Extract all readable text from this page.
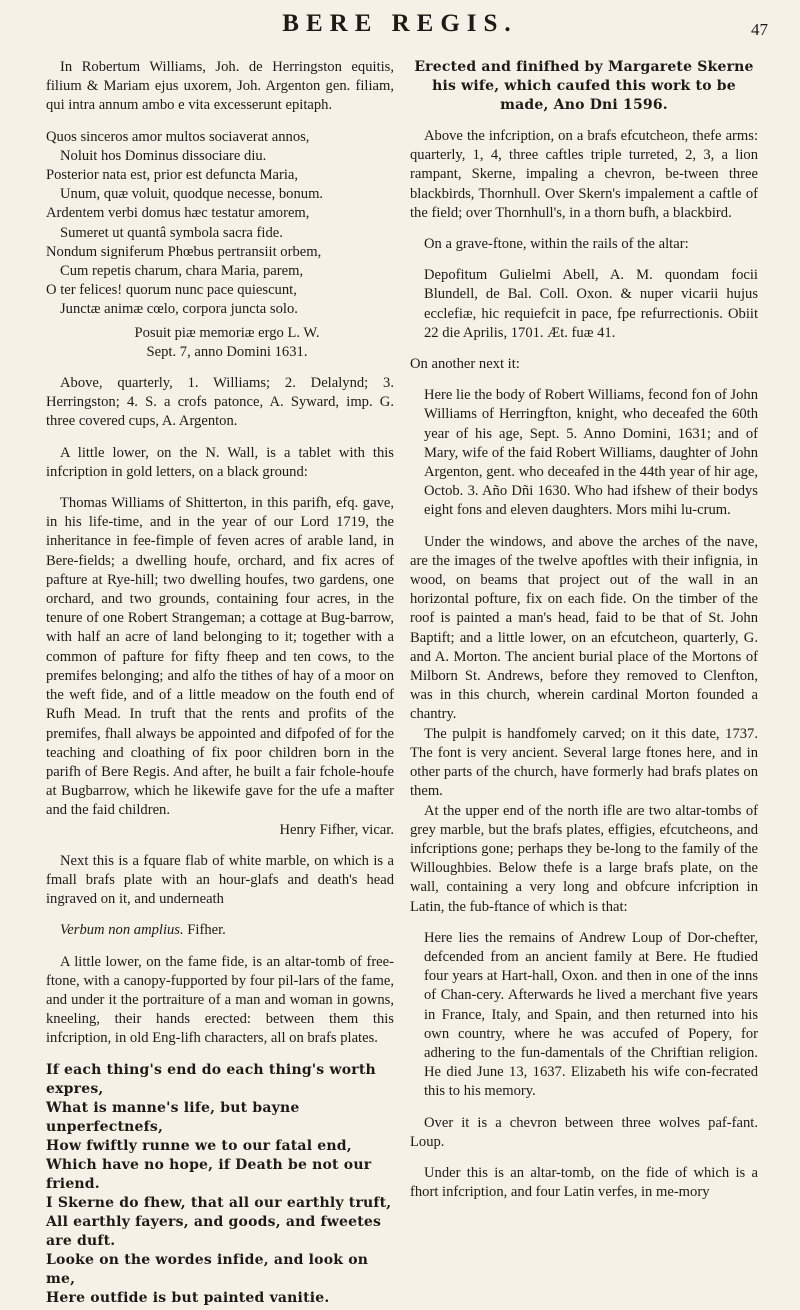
BERE REGIS.	47

In Robertum Williams, Joh. de Herringston equitis, filium & Mariam ejus uxorem, Joh. Argenton gen. filiam, qui intra annum ambo e vita excesserunt epitaph.

Quos sinceros amor multos sociaverat annos,
Noluit hos Dominus dissociare diu.
Posterior nata est, prior est defuncta Maria,
Unum, quæ voluit, quodque necesse, bonum.
Ardentem verbi domus hæc testatur amorem,
Sumeret ut quantâ symbola sacra fide.
Nondum signiferum Phœbus pertransiit orbem,
Cum repetis charum, chara Maria, parem,
O ter felices! quorum nunc pace quiescunt,
Junctæ animæ cœlo, corpora juncta solo.
Posuit piæ memoriæ ergo L. W.
Sept. 7, anno Domini 1631.

Above, quarterly, 1. Williams; 2. Delalynd; 3. Herringston; 4. S. a crofs patonce, A. Syward, imp. G. three covered cups, A. Argenton.

A little lower, on the N. Wall, is a tablet with this infcription in gold letters, on a black ground:

Thomas Williams of Shitterton, in this parifh, efq. gave, in his life-time, and in the year of our Lord 1719, the inheritance in fee-fimple of feven acres of arable land, in Bere-fields; a dwelling houfe, orchard, and fix acres of pafture at Rye-hill; two dwelling houfes, two gardens, one orchard, and two grounds, containing four acres, in the tenure of one Robert Strangeman; a cottage at Bug-barrow, with half an acre of land belonging to it; together with a common of pafture for fifty fheep and ten cows, to the premifes belonging; and alfo the tithes of hay of a moor on the weft fide, and of a little meadow on the fouth end of Rufh Mead. In truft that the rents and profits of the premifes, fhall always be appointed and difpofed of for the teaching and cloathing of fix poor children born in the parifh of Bere Regis. And after, he built a fair fchole-houfe at Bugbarrow, which he likewife gave for the ufe a mafter and the faid children.

Henry Fifher, vicar.

Next this is a fquare flab of white marble, on which is a fmall brafs plate with an hour-glafs and death's head ingraved on it, and underneath

Verbum non amplius. Fifher.

A little lower, on the fame fide, is an altar-tomb of free-ftone, with a canopy-fupported by four pil-lars of the fame, and under it the portraiture of a man and woman in gowns, kneeling, their hands erected: between them this infcription, in old Eng-lifh characters, all on brafs plates.

If each thing's end do each thing's worth expres,
What is manne's life, but bayne unperfectnefs,
How fwiftly runne we to our fatal end,
Which have no hope, if Death be not our friend.
I Skerne do fhew, that all our earthly truft,
All earthly fayers, and goods, and fweetes are duft.
Looke on the wordes infide, and look on me,
Here outfide is but painted vanitie.

Erected and finifhed by Margarete Skerne his wife, which caufed this work to be made, Ano Dni 1596.

Above the infcription, on a brafs efcutcheon, thefe arms: quarterly, 1, 4, three caftles triple turreted, 2, 3, a lion rampant, Skerne, impaling a chevron, be-tween three blackbirds, Thornhull. Over Skern's impalement a caftle of the field; over Thornhull's, in a thorn bufh, a blackbird.

On a grave-ftone, within the rails of the altar:

Depofitum Gulielmi Abell, A. M. quondam focii Blundell, de Bal. Coll. Oxon. & nuper vicarii hujus ecclefiæ, hic requiefcit in pace, fpe refurrectionis. Obiit 22 die Aprilis, 1701. Æt. fuæ 41.

On another next it:

Here lie the body of Robert Williams, fecond fon of John Williams of Herringfton, knight, who deceafed the 60th year of his age, Sept. 5. Anno Domini, 1631; and of Mary, wife of the faid Robert Williams, daughter of John Argenton, gent. who deceafed in the 44th year of hir age, Octob. 3. Año Dñi 1630. Who had ifshew of their bodys eight fons and eleven daughters. Mors mihi lu-crum.

Under the windows, and above the arches of the nave, are the images of the twelve apoftles with their infignia, in wood, on beams that project out of the wall in an horizontal pofture, fix on each fide. On the timber of the roof is painted a man's head, faid to be that of St. John Baptift; and a little lower, on an efcutcheon, quarterly, G. and A. Morton. The ancient burial place of the Mortons of Milborn St. Andrews, before they removed to Clenfton, was in this church, wherein cardinal Morton founded a chantry.

The pulpit is handfomely carved; on it this date, 1737. The font is very ancient. Several large ftones here, and in other parts of the church, have formerly had brafs plates on them.

At the upper end of the north ifle are two altar-tombs of grey marble, but the brafs plates, effigies, efcutcheons, and infcriptions gone; perhaps they be-long to the family of the Willoughbies. Below thefe is a large brafs plate, on the wall, containing a very long and obfcure infcription in Latin, the fub-ftance of which is that:

Here lies the remains of Andrew Loup of Dor-chefter, defcended from an ancient family at Bere. He ftudied four years at Hart-hall, Oxon. and then in one of the inns of Chan-cery. Afterwards he lived a merchant five years in France, Italy, and Spain, and then returned into his own country, where he was accufed of Popery, for adhering to the fun-damentals of the Chriftian religion. He died June 13, 1637. Elizabeth his wife con-fecrated this to his memory.

Over it is a chevron between three wolves paf-fant. Loup.

Under this is an altar-tomb, on the fide of which is a fhort infcription, and four Latin verfes, in me-mory
